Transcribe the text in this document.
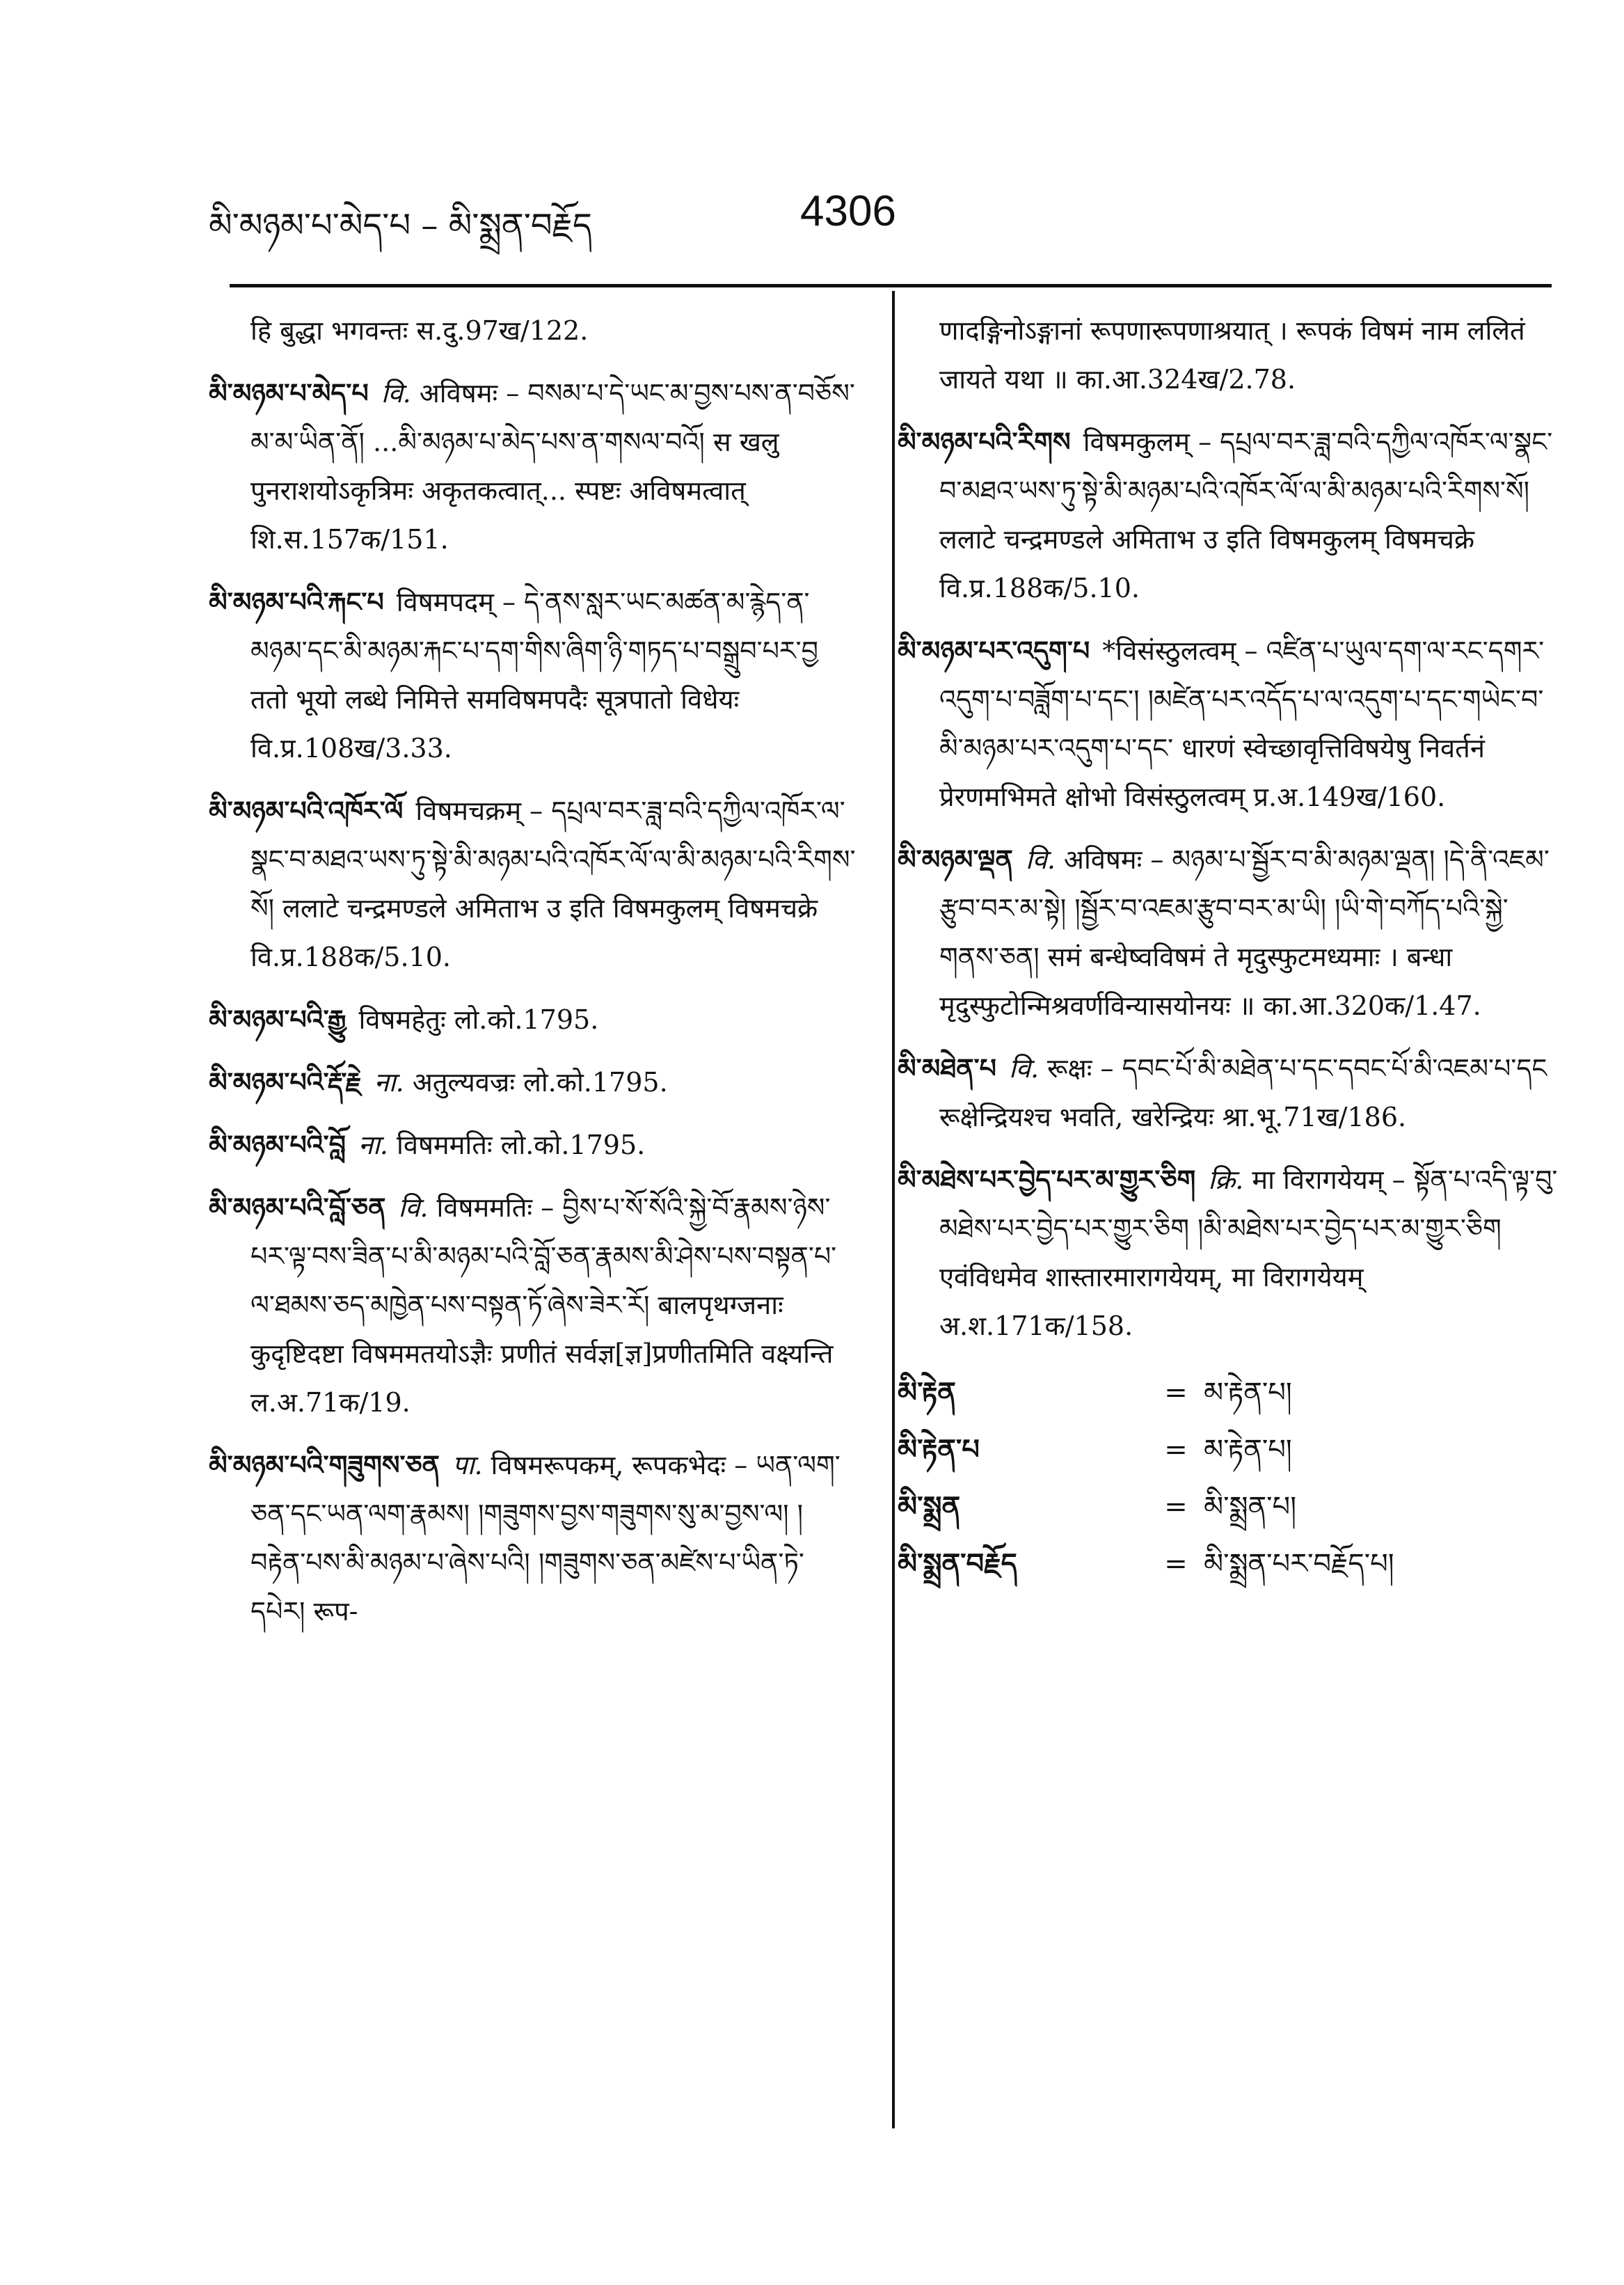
མི་མཉམ་པ་མེད་པ – མི་སྨྲན་བརྗོད	4306
हि बुद्धा भगवन्तः स.दु.97ख/122.
མི་མཉམ་པ་མེད་པ वि. अविषमः – བསམ་པ་དེ་ཡང་མ་བྱས་པས་ན་བཅོས་མ་མ་ཡིན་ནོ། ...མི་མཉམ་པ་མེད་པས་ན་གསལ་བའོ། स खलु पुनराशयोऽकृत्रिमः अकृतकत्वात्... स्पष्टः अविषमत्वात् शि.स.157क/151.
མི་མཉམ་པའི་རྐང་པ विषमपदम् – དེ་ནས་སླར་ཡང་མཚན་མ་རྙེད་ན་མཉམ་དང་མི་མཉམ་རྐང་པ་དག་གིས་ཞིག་ཉི་གཏད་པ་བསྒྲུབ་པར་བྱ ततो भूयो लब्धे निमित्ते समविषमपदैः सूत्रपातो विधेयः वि.प्र.108ख/3.33.
མི་མཉམ་པའི་འཁོར་ལོ विषमचक्रम् – དཔྲལ་བར་ཟླ་བའི་དཀྱིལ་འཁོར་ལ་སྣང་བ་མཐའ་ཡས་ཏུ་སྟེ་མི་མཉམ་པའི་འཁོར་ལོ་ལ་མི་མཉམ་པའི་རིགས་སོ། ललाटे चन्द्रमण्डले अमिताभ उ इति विषमकुलम् विषमचक्रे वि.प्र.188क/5.10.
མི་མཉམ་པའི་རྒྱུ विषमहेतुः लो.को.1795.
མི་མཉམ་པའི་རྡོ་རྗེ ना. अतुल्यवज्रः लो.को.1795.
མི་མཉམ་པའི་བློ ना. विषममतिः लो.को.1795.
མི་མཉམ་པའི་བློ་ཅན वि. विषममतिः – བྱིས་པ་སོ་སོའི་སྐྱེ་བོ་རྣམས་ཉེས་པར་ལྟ་བས་ཟིན་པ་མི་མཉམ་པའི་བློ་ཅན་རྣམས་མི་ཤེས་པས་བསྟན་པ་ལ་ཐམས་ཅད་མཁྱེན་པས་བསྟན་ཏོ་ཞེས་ཟེར་རོ། बालपृथग्जनाः कुदृष्टिदष्टा विषममतयोऽज्ञैः प्रणीतं सर्वज्ञ[ज्ञ]प्रणीतमिति वक्ष्यन्ति ल.अ.71क/19.
མི་མཉམ་པའི་གཟུགས་ཅན पा. विषमरूपकम्, रूपकभेदः – ཡན་ལག་ཅན་དང་ཡན་ལག་རྣམས། །གཟུགས་བྱས་གཟུགས་སུ་མ་བྱས་ལ། །བརྟེན་པས་མི་མཉམ་པ་ཞེས་པའི། །གཟུགས་ཅན་མཛེས་པ་ཡིན་ཏེ་དཔེར། रूप-
णादङ्गिनोऽङ्गानां रूपणारूपणाश्रयात् । रूपकं विषमं नाम ललितं जायते यथा ॥ का.आ.324ख/2.78.
མི་མཉམ་པའི་རིགས विषमकुलम् – དཔྲལ་བར་ཟླ་བའི་དཀྱིལ་འཁོར་ལ་སྣང་བ་མཐའ་ཡས་ཏུ་སྟེ་མི་མཉམ་པའི་འཁོར་ལོ་ལ་མི་མཉམ་པའི་རིགས་སོ། ललाटे चन्द्रमण्डले अमिताभ उ इति विषमकुलम् विषमचक्रे वि.प्र.188क/5.10.
མི་མཉམ་པར་འདུག་པ *विसंस्ठुलत्वम् – འཛིན་པ་ཡུལ་དག་ལ་རང་དགར་འདུག་པ་བཟློག་པ་དང་། །མཛེན་པར་འདོད་པ་ལ་འདུག་པ་དང་གཡེང་བ་མི་མཉམ་པར་འདུག་པ་དང་ धारणं स्वेच्छावृत्तिविषयेषु निवर्तनं प्रेरणमभिमते क्षोभो विसंस्ठुलत्वम् प्र.अ.149ख/160.
མི་མཉམ་ལྡན वि. अविषमः – མཉམ་པ་སྦྱོར་བ་མི་མཉམ་ལྡན། །དེ་ནི་འཇམ་རྩུབ་བར་མ་སྟེ། །སྦྱོར་བ་འཇམ་རྩུབ་བར་མ་ཡི། །ཡི་གེ་བཀོད་པའི་སྐྱེ་གནས་ཅན། समं बन्धेष्वविषमं ते मृदुस्फुटमध्यमाः । बन्धा मृदुस्फुटोन्मिश्रवर्णविन्यासयोनयः ॥ का.आ.320क/1.47.
མི་མཐེན་པ वि. रूक्षः – དབང་པོ་མི་མཐེན་པ་དང་དབང་པོ་མི་འཇམ་པ་དང रूक्षेन्द्रियश्च भवति, खरेन्द्रियः श्रा.भू.71ख/186.
མི་མཐེས་པར་བྱེད་པར་མ་གྱུར་ཅིག क्रि. मा विरागयेयम् – སྟོན་པ་འདི་ལྟ་བུ་མཐེས་པར་བྱེད་པར་གྱུར་ཅིག །མི་མཐེས་པར་བྱེད་པར་མ་གྱུར་ཅིག एवंविधमेव शास्तारमारागयेयम्, मा विरागयेयम् अ.श.171क/158.
མི་རྟེན	=	མ་རྟེན་པ།
མི་རྟེན་པ	=	མ་རྟེན་པ།
མི་སྨྲན	=	མི་སྨྲན་པ།
མི་སྨྲན་བརྗོད	=	མི་སྨྲན་པར་བརྗོད་པ།
